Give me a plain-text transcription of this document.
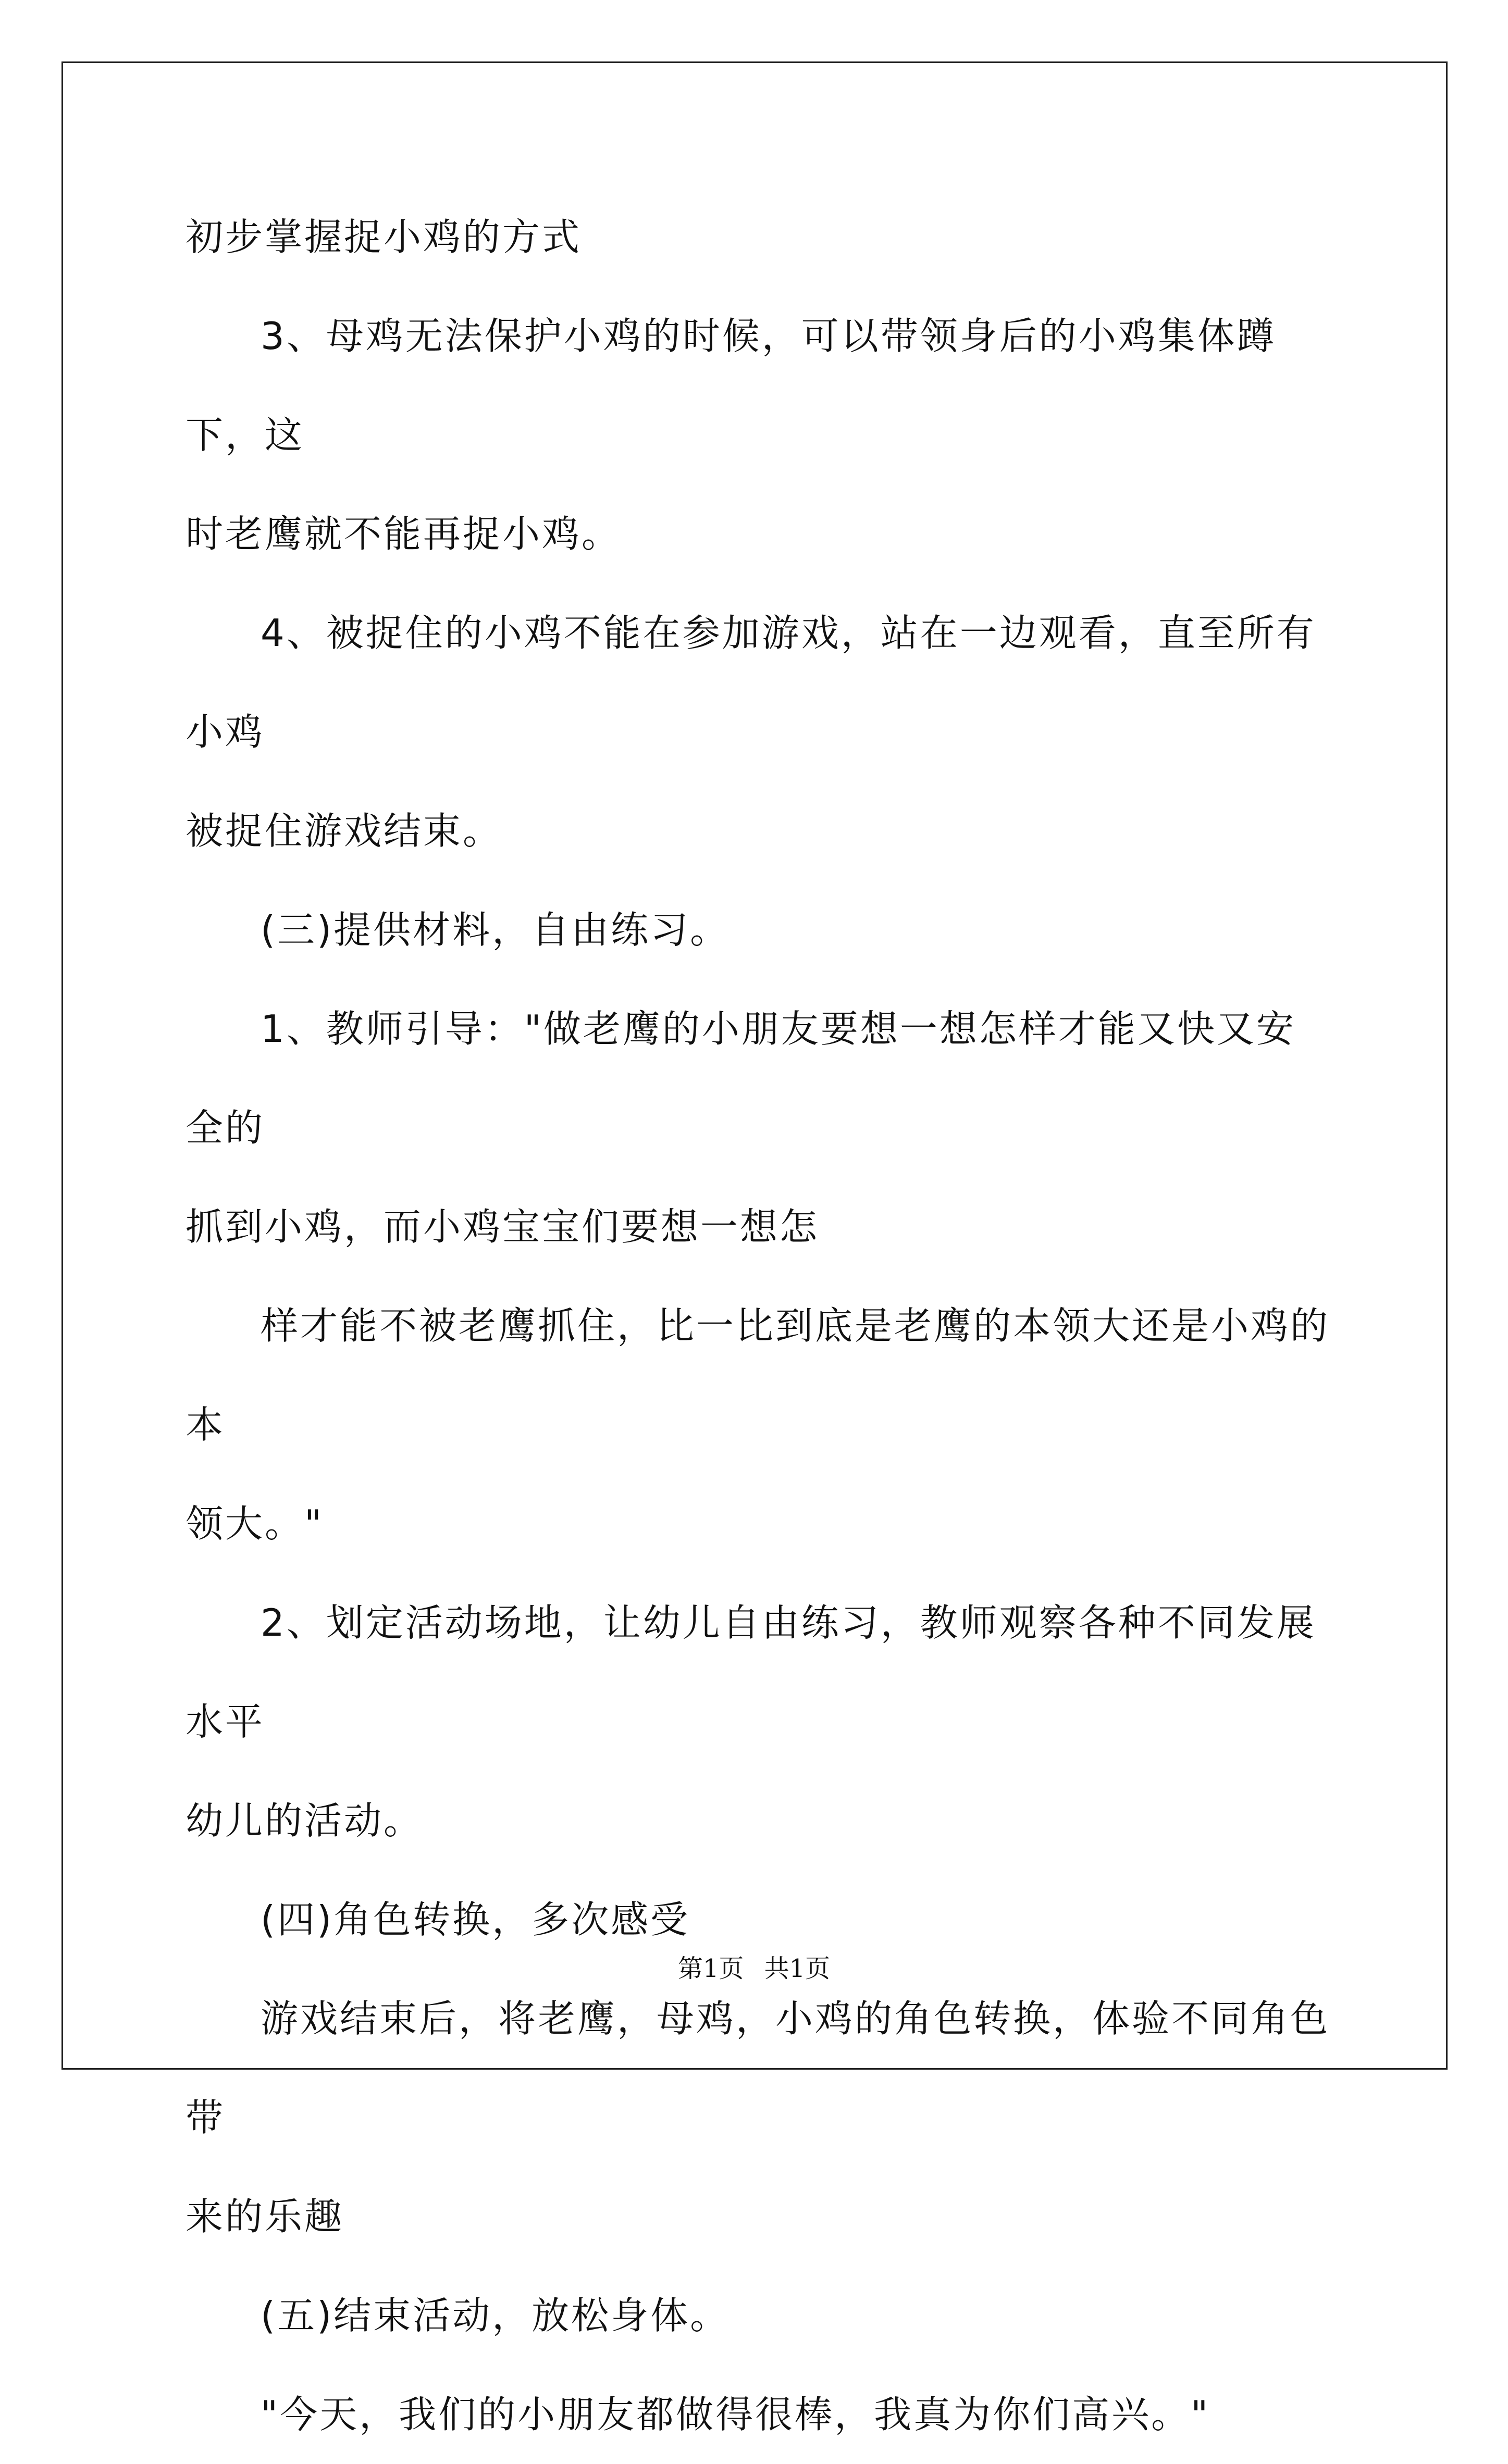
初步掌握捉小鸡的方式

3、母鸡无法保护小鸡的时候，可以带领身后的小鸡集体蹲下，这

时老鹰就不能再捉小鸡。

4、被捉住的小鸡不能在参加游戏，站在一边观看，直至所有小鸡

被捉住游戏结束。

(三)提供材料，自由练习。

1、教师引导："做老鹰的小朋友要想一想怎样才能又快又安全的

抓到小鸡，而小鸡宝宝们要想一想怎

样才能不被老鹰抓住，比一比到底是老鹰的本领大还是小鸡的本

领大。"

2、划定活动场地，让幼儿自由练习，教师观察各种不同发展水平

幼儿的活动。

(四)角色转换，多次感受

游戏结束后，将老鹰，母鸡，小鸡的角色转换，体验不同角色带

来的乐趣

(五)结束活动，放松身体。

"今天，我们的小朋友都做得很棒，我真为你们高兴。"

第1页 共1页
